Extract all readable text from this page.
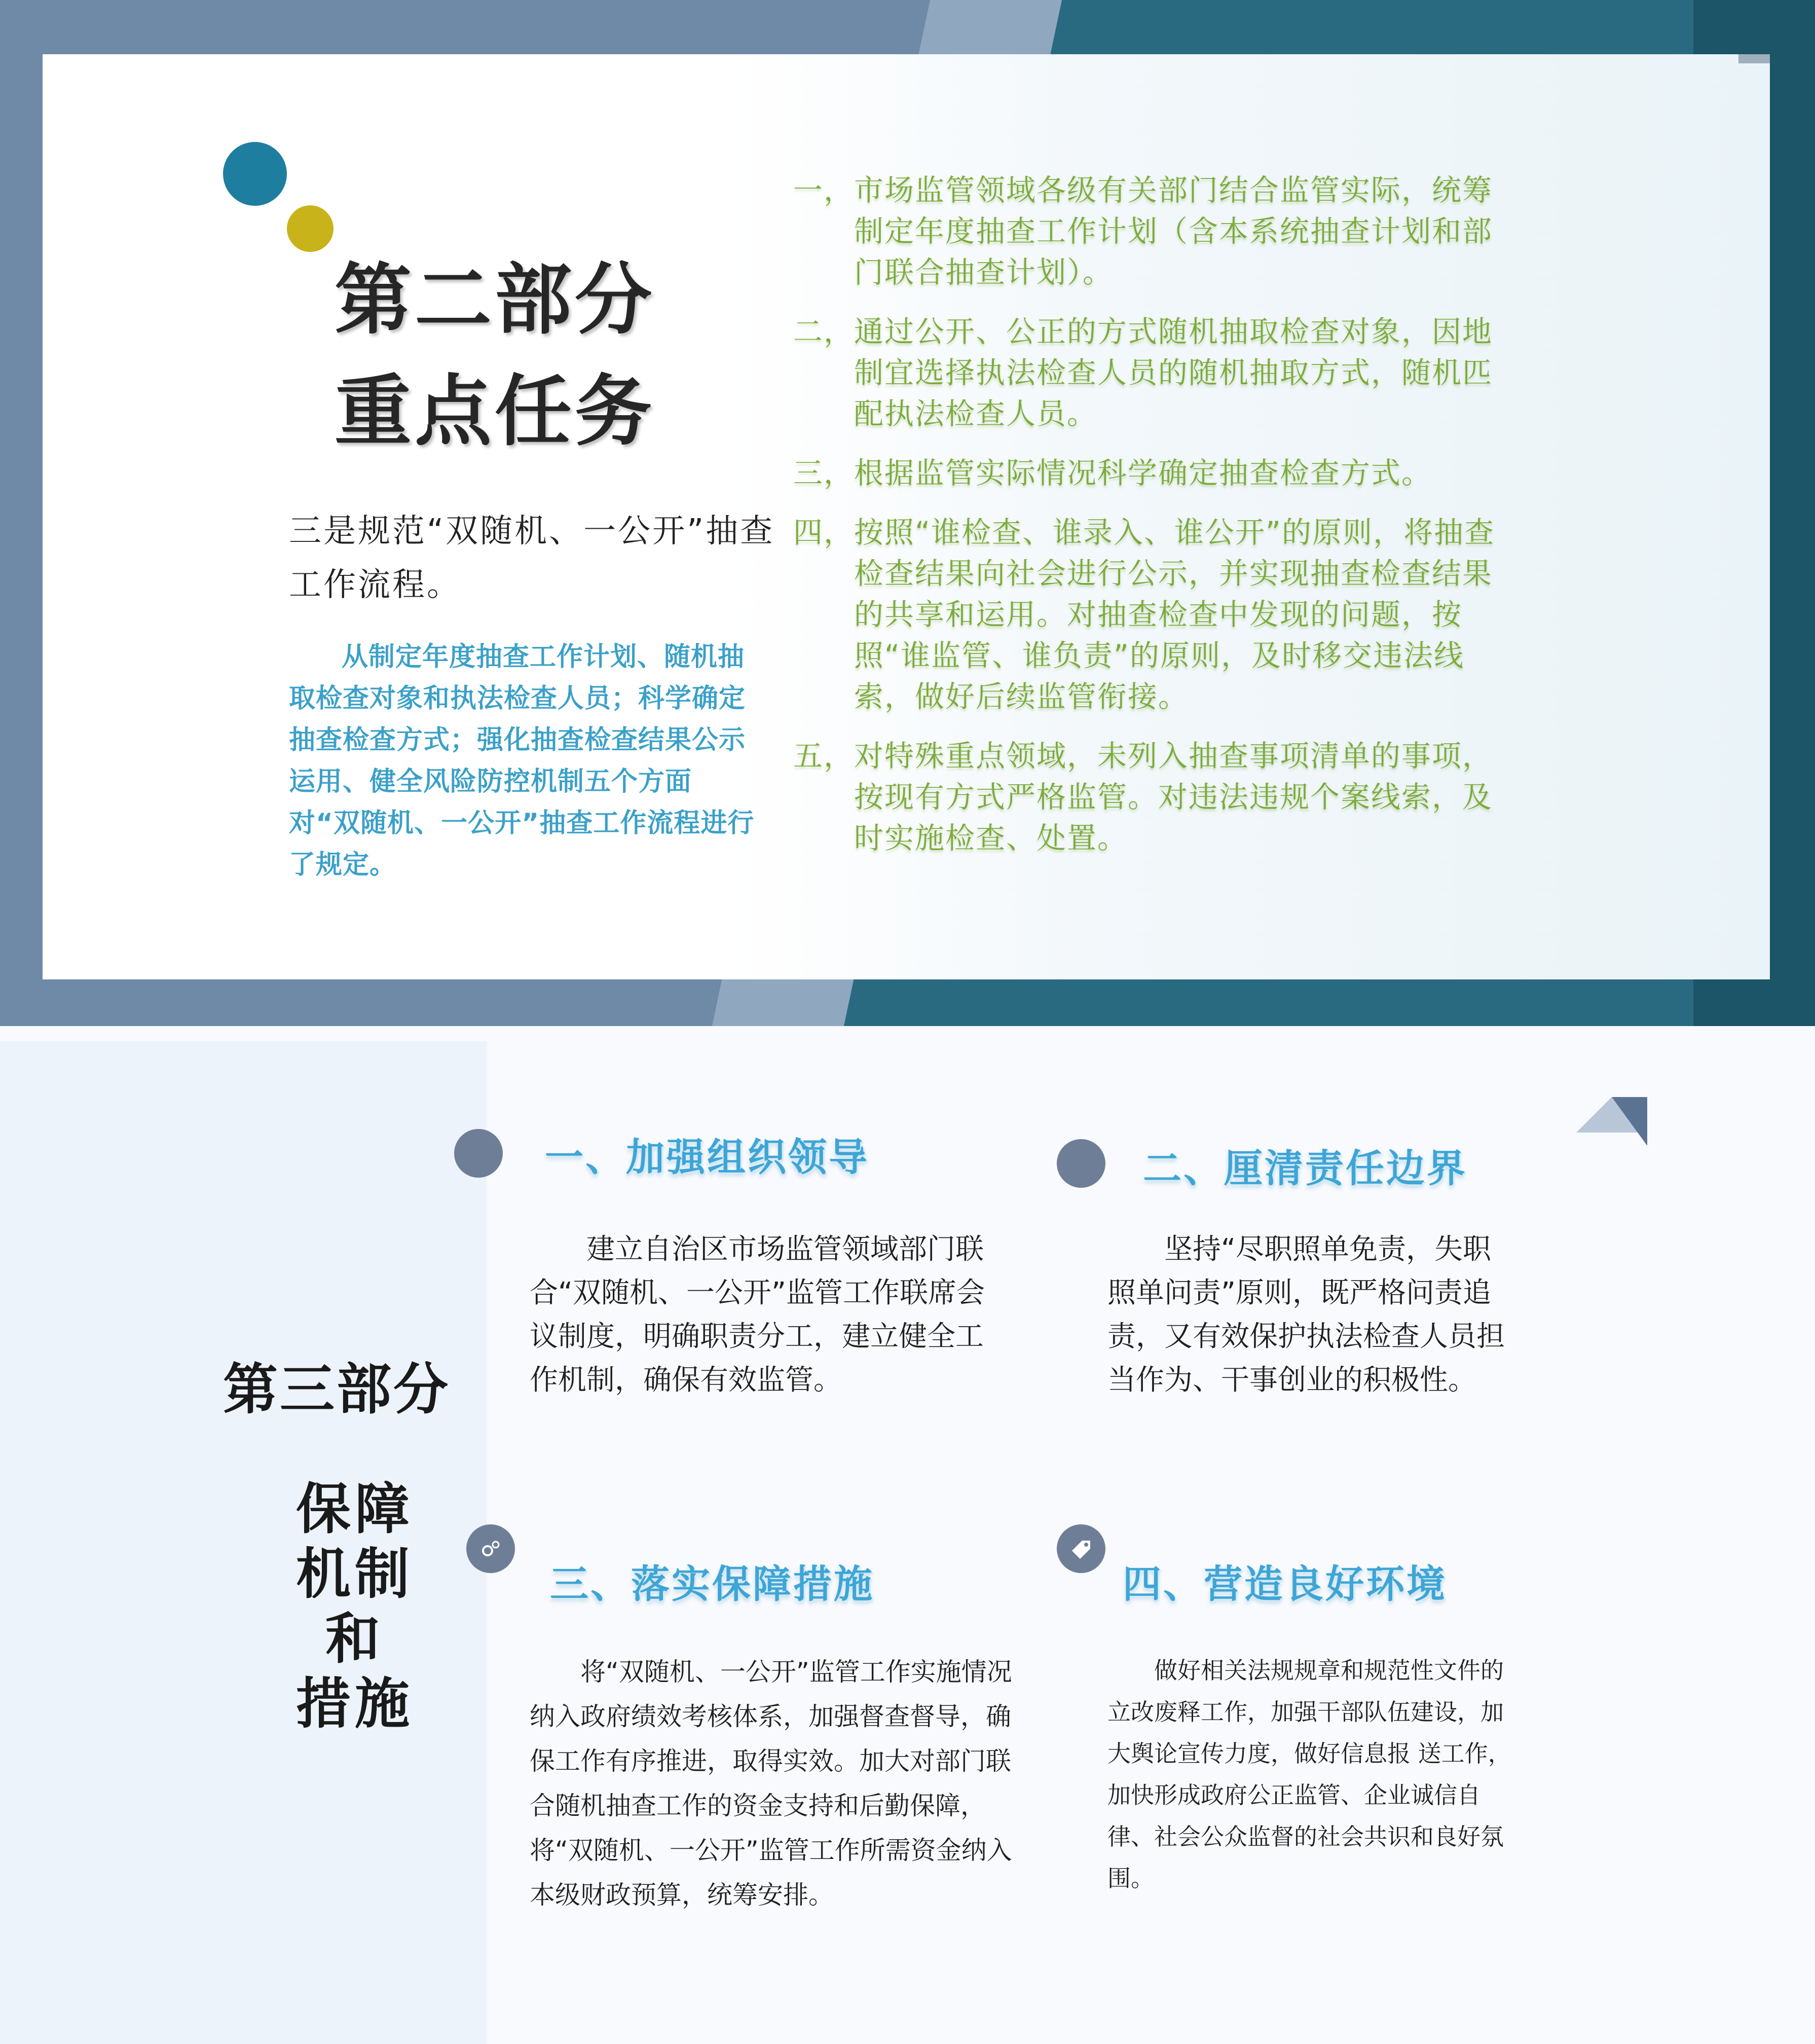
第二部分
重点任务
三是规范“双随机、一公开”抽查工作流程。
从制定年度抽查工作计划、随机抽取检查对象和执法检查人员；科学确定抽查检查方式；强化抽查检查结果公示运用、健全风险防控机制五个方面对“双随机、一公开”抽查工作流程进行了规定。
一， 市场监管领域各级有关部门结合监管实际，统筹制定年度抽查工作计划（含本系统抽查计划和部门联合抽查计划）。
二， 通过公开、公正的方式随机抽取检查对象，因地制宜选择执法检查人员的随机抽取方式，随机匹配执法检查人员。
三， 根据监管实际情况科学确定抽查检查方式。
四， 按照“谁检查、谁录入、谁公开”的原则，将抽查检查结果向社会进行公示，并实现抽查检查结果的共享和运用。对抽查检查中发现的问题，按照“谁监管、谁负责”的原则，及时移交违法线索，做好后续监管衔接。
五， 对特殊重点领域，未列入抽查事项清单的事项，按现有方式严格监管。对违法违规个案线索，及时实施检查、处置。
第三部分
保障
机制
和
措施
一、加强组织领导
建立自治区市场监管领域部门联合“双随机、一公开”监管工作联席会议制度，明确职责分工，建立健全工作机制，确保有效监管。
二、厘清责任边界
坚持“尽职照单免责，失职照单问责”原则，既严格问责追责，又有效保护执法检查人员担当作为、干事创业的积极性。
三、落实保障措施
将“双随机、一公开”监管工作实施情况纳入政府绩效考核体系，加强督查督导，确保工作有序推进，取得实效。加大对部门联合随机抽查工作的资金支持和后勤保障，将“双随机、一公开”监管工作所需资金纳入本级财政预算，统筹安排。
四、营造良好环境
做好相关法规规章和规范性文件的立改废释工作，加强干部队伍建设，加大舆论宣传力度，做好信息报 送工作，加快形成政府公正监管、企业诚信自律、社会公众监督的社会共识和良好氛围。
